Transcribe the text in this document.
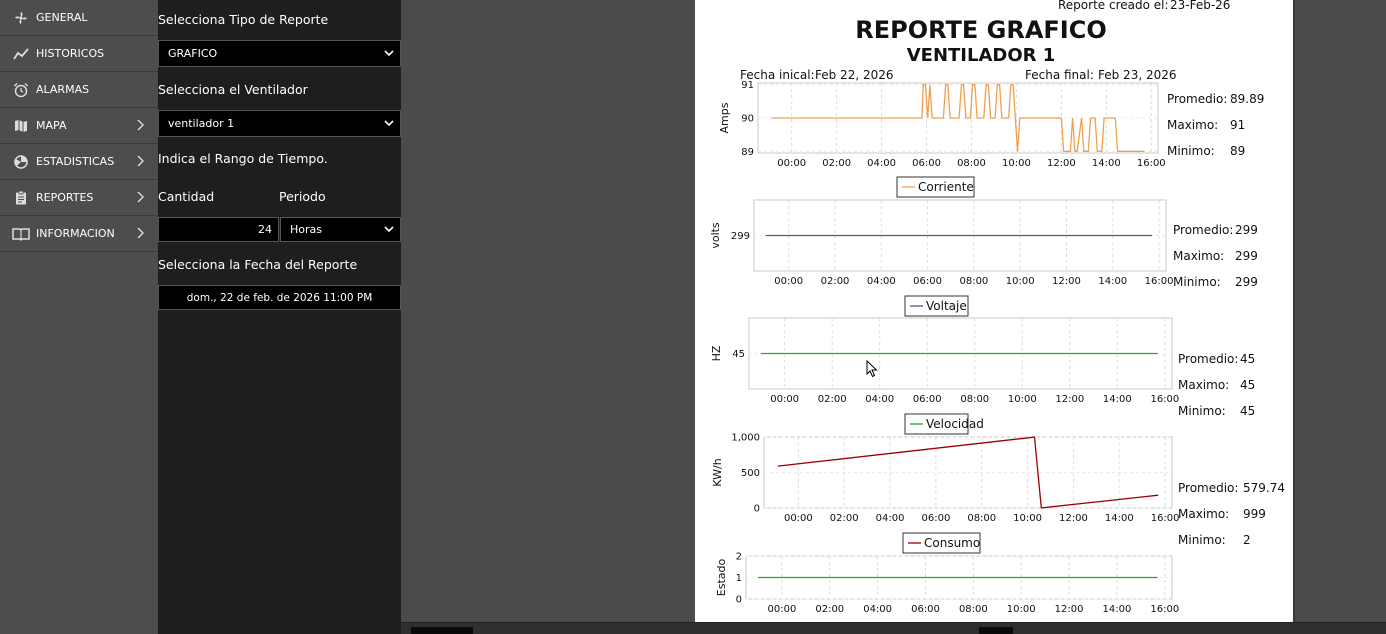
GENERAL
HISTORICOS
ALARMAS
MAPA
ESTADISTICAS
REPORTES
INFORMACION
Selecciona Tipo de Reporte
GRAFICO
Selecciona el Ventilador
ventilador 1
Indica el Rango de Tiempo.
Cantidad	Periodo
24	Horas
Selecciona la Fecha del Reporte
dom., 22 de feb. de 2026 11:00 PM
Reporte creado el: 23-Feb-26
REPORTE GRAFICO
VENTILADOR 1
Fecha inical: Feb 22, 2026	Fecha final: Feb 23, 2026
00:00 02:00 04:00 06:00 08:00 10:00 12:00 14:00 16:00
89
90
91
Amps
Corriente
Promedio: 89.89
Maximo: 91
Minimo: 89
00:00 02:00 04:00 06:00 08:00 10:00 12:00 14:00 16:00
299
volts
Voltaje
Promedio: 299
Maximo: 299
Minimo: 299
00:00 02:00 04:00 06:00 08:00 10:00 12:00 14:00 16:00
45
HZ
Velocidad
Promedio: 45
Maximo: 45
Minimo: 45
00:00 02:00 04:00 06:00 08:00 10:00 12:00 14:00 16:00
0
500
1,000
KW/h
Consumo
Promedio: 579.74
Maximo: 999
Minimo: 2
00:00 02:00 04:00 06:00 08:00 10:00 12:00 14:00 16:00
0
1
2
Estado
